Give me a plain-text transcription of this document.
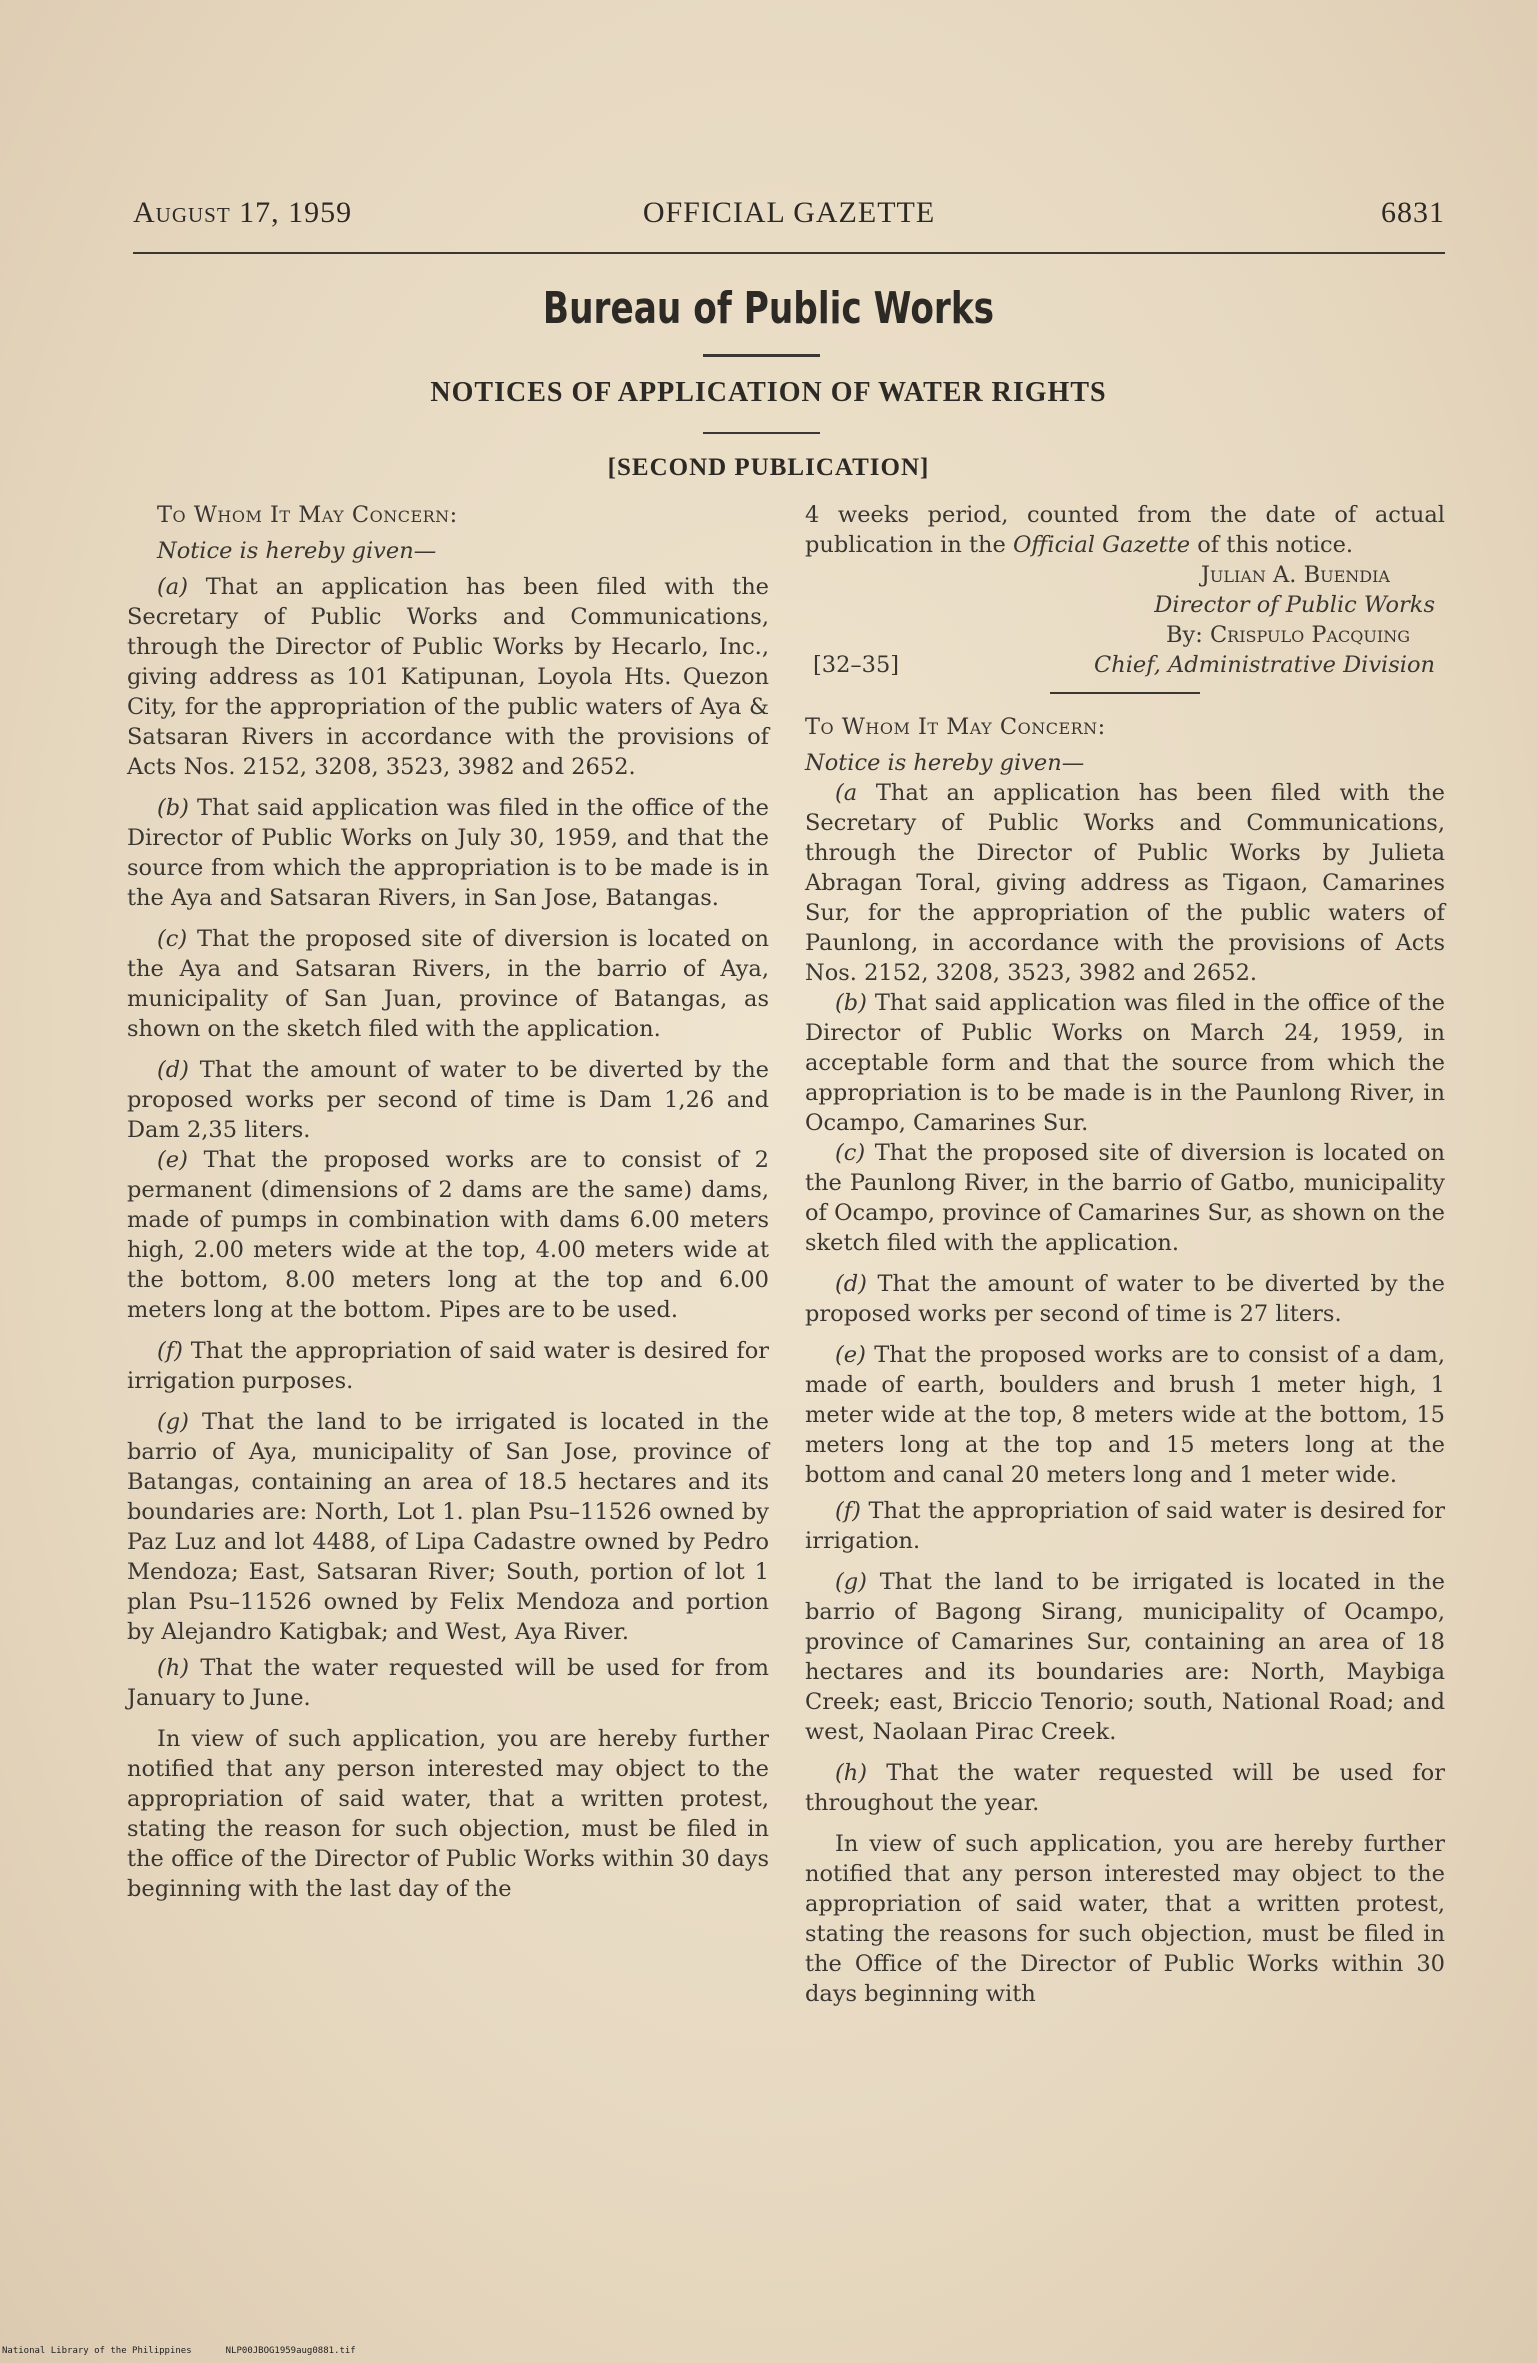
August 17, 1959	OFFICIAL GAZETTE	6831
Bureau of Public Works
NOTICES OF APPLICATION OF WATER RIGHTS
[SECOND PUBLICATION]

To Whom It May Concern:

Notice is hereby given—

(a) That an application has been filed with the Secretary of Public Works and Communications, through the Director of Public Works by Hecarlo, Inc., giving address as 101 Katipunan, Loyola Hts. Quezon City, for the appropriation of the public waters of Aya & Satsaran Rivers in accordance with the provisions of Acts Nos. 2152, 3208, 3523, 3982 and 2652.

(b) That said application was filed in the office of the Director of Public Works on July 30, 1959, and that the source from which the appropriation is to be made is in the Aya and Satsaran Rivers, in San Jose, Batangas.

(c) That the proposed site of diversion is located on the Aya and Satsaran Rivers, in the barrio of Aya, municipality of San Juan, province of Batangas, as shown on the sketch filed with the application.

(d) That the amount of water to be diverted by the proposed works per second of time is Dam 1,26 and Dam 2,35 liters.

(e) That the proposed works are to consist of 2 permanent (dimensions of 2 dams are the same) dams, made of pumps in combination with dams 6.00 meters high, 2.00 meters wide at the top, 4.00 meters wide at the bottom, 8.00 meters long at the top and 6.00 meters long at the bottom. Pipes are to be used.

(f) That the appropriation of said water is desired for irrigation purposes.

(g) That the land to be irrigated is located in the barrio of Aya, municipality of San Jose, province of Batangas, containing an area of 18.5 hectares and its boundaries are: North, Lot 1. plan Psu–11526 owned by Paz Luz and lot 4488, of Lipa Cadastre owned by Pedro Mendoza; East, Satsaran River; South, portion of lot 1 plan Psu–11526 owned by Felix Mendoza and portion by Alejandro Katigbak; and West, Aya River.

(h) That the water requested will be used for from January to June.

In view of such application, you are hereby further notified that any person interested may object to the appropriation of said water, that a written protest, stating the reason for such objection, must be filed in the office of the Director of Public Works within 30 days beginning with the last day of the

4 weeks period, counted from the date of actual publication in the Official Gazette of this notice.

Julian A. Buendia
Director of Public Works
By: Crispulo Pacquing
[32–35]	Chief, Administrative Division

To Whom It May Concern:

Notice is hereby given—

(a That an application has been filed with the Secretary of Public Works and Communications, through the Director of Public Works by Julieta Abragan Toral, giving address as Tigaon, Camarines Sur, for the appropriation of the public waters of Paunlong, in accordance with the provisions of Acts Nos. 2152, 3208, 3523, 3982 and 2652.

(b) That said application was filed in the office of the Director of Public Works on March 24, 1959, in acceptable form and that the source from which the appropriation is to be made is in the Paunlong River, in Ocampo, Camarines Sur.

(c) That the proposed site of diversion is located on the Paunlong River, in the barrio of Gatbo, municipality of Ocampo, province of Camarines Sur, as shown on the sketch filed with the application.

(d) That the amount of water to be diverted by the proposed works per second of time is 27 liters.

(e) That the proposed works are to consist of a dam, made of earth, boulders and brush 1 meter high, 1 meter wide at the top, 8 meters wide at the bottom, 15 meters long at the top and 15 meters long at the bottom and canal 20 meters long and 1 meter wide.

(f) That the appropriation of said water is desired for irrigation.

(g) That the land to be irrigated is located in the barrio of Bagong Sirang, municipality of Ocampo, province of Camarines Sur, containing an area of 18 hectares and its boundaries are: North, Maybiga Creek; east, Briccio Tenorio; south, National Road; and west, Naolaan Pirac Creek.

(h) That the water requested will be used for throughout the year.

In view of such application, you are hereby further notified that any person interested may object to the appropriation of said water, that a written protest, stating the reasons for such objection, must be filed in the Office of the Director of Public Works within 30 days beginning with

National Library of the Philippines	NLP00JBOG1959aug0881.tif
